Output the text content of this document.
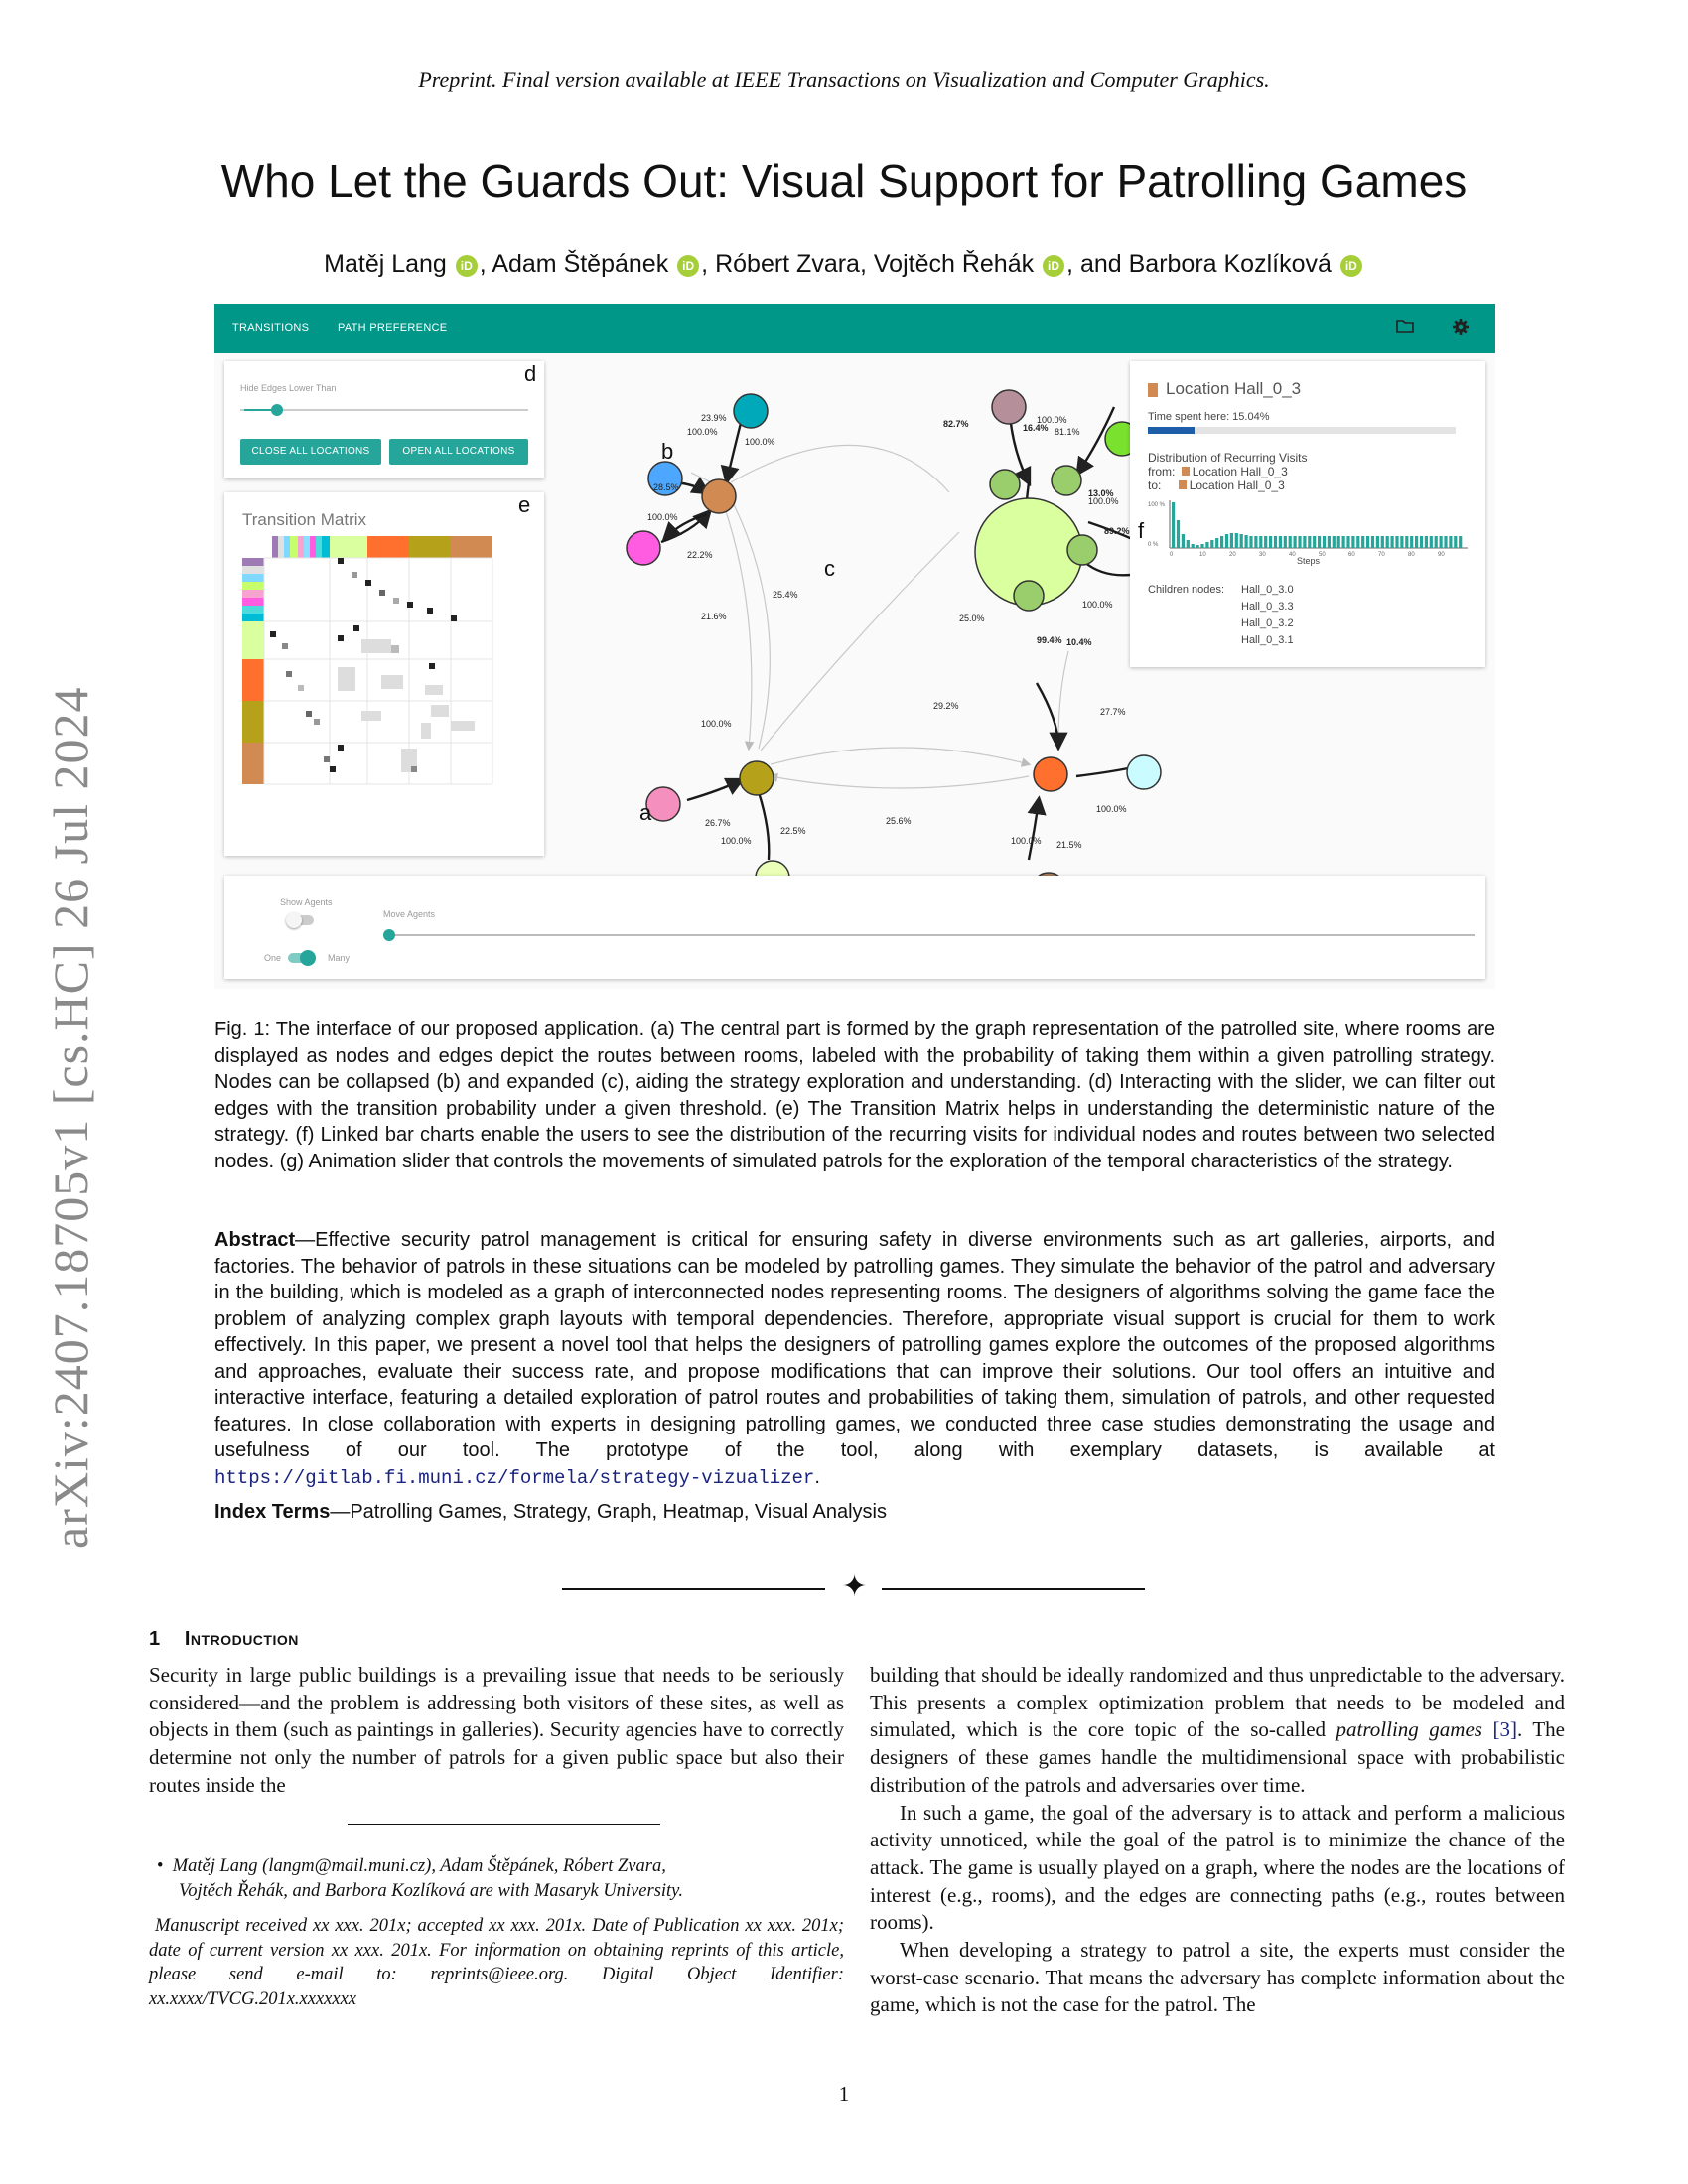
arXiv:2407.18705v1 [cs.HC] 26 Jul 2024
Preprint. Final version available at IEEE Transactions on Visualization and Computer Graphics.
Who Let the Guards Out: Visual Support for Patrolling Games
Matěj Lang iD , Adam Štěpánek iD , Róbert Zvara, Vojtěch Řehák iD , and Barbora Kozlíková iD
TRANSITIONS	PATH PREFERENCE
Hide Edges Lower Than
CLOSE ALL LOCATIONS	OPEN ALL LOCATIONS
d
Transition Matrix
e
23.9%
100.0%
100.0%
28.5%
100.0%
22.2%
21.6%
25.4%
82.7%	100.0%
16.4% 81.1%
13.0%
100.0%
89.2%
25.0%
100.0%
99.4% 10.4%
29.2%
100.0%
27.7%
26.7%
100.0%
22.5%
25.6%
100.0%
100.0% 21.5%
b
c
a
Location Hall_0_3
Time spent here: 15.04%
Distribution of Recurring Visits
from: Location Hall_0_3
to: Location Hall_0_3
100 %
0 %
0	10	20	30	40	50	60	70	80	90
Steps
Children nodes: Hall_0_3.0
Hall_0_3.3
Hall_0_3.2
Hall_0_3.1
f
Show Agents
One	Many
Move Agents

Fig. 1: The interface of our proposed application. (a) The central part is formed by the graph representation of the patrolled site, where rooms are displayed as nodes and edges depict the routes between rooms, labeled with the probability of taking them within a given patrolling strategy. Nodes can be collapsed (b) and expanded (c), aiding the strategy exploration and understanding. (d) Interacting with the slider, we can filter out edges with the transition probability under a given threshold. (e) The Transition Matrix helps in understanding the deterministic nature of the strategy. (f) Linked bar charts enable the users to see the distribution of the recurring visits for individual nodes and routes between two selected nodes. (g) Animation slider that controls the movements of simulated patrols for the exploration of the temporal characteristics of the strategy.

Abstract—Effective security patrol management is critical for ensuring safety in diverse environments such as art galleries, airports, and factories. The behavior of patrols in these situations can be modeled by patrolling games. They simulate the behavior of the patrol and adversary in the building, which is modeled as a graph of interconnected nodes representing rooms. The designers of algorithms solving the game face the problem of analyzing complex graph layouts with temporal dependencies. Therefore, appropriate visual support is crucial for them to work effectively. In this paper, we present a novel tool that helps the designers of patrolling games explore the outcomes of the proposed algorithms and approaches, evaluate their success rate, and propose modifications that can improve their solutions. Our tool offers an intuitive and interactive interface, featuring a detailed exploration of patrol routes and probabilities of taking them, simulation of patrols, and other requested features. In close collaboration with experts in designing patrolling games, we conducted three case studies demonstrating the usage and usefulness of our tool. The prototype of the tool, along with exemplary datasets, is available at https://gitlab.fi.muni.cz/formela/strategy-vizualizer.

Index Terms—Patrolling Games, Strategy, Graph, Heatmap, Visual Analysis

✦
1 Introduction

Security in large public buildings is a prevailing issue that needs to be seriously considered—and the problem is addressing both visitors of these sites, as well as objects in them (such as paintings in galleries). Security agencies have to correctly determine not only the number of patrols for a given public space but also their routes inside the

• Matěj Lang (langm@mail.muni.cz), Adam Štěpánek, Róbert Zvara,
Vojtěch Řehák, and Barbora Kozlíková are with Masaryk University.
Manuscript received xx xxx. 201x; accepted xx xxx. 201x. Date of Publication xx xxx. 201x; date of current version xx xxx. 201x. For information on obtaining reprints of this article, please send e-mail to: reprints@ieee.org. Digital Object Identifier: xx.xxxx/TVCG.201x.xxxxxxx

building that should be ideally randomized and thus unpredictable to the adversary. This presents a complex optimization problem that needs to be modeled and simulated, which is the core topic of the so-called patrolling games [3]. The designers of these games handle the multidimensional space with probabilistic distribution of the patrols and adversaries over time.

In such a game, the goal of the adversary is to attack and perform a malicious activity unnoticed, while the goal of the patrol is to minimize the chance of the attack. The game is usually played on a graph, where the nodes are the locations of interest (e.g., rooms), and the edges are connecting paths (e.g., routes between rooms).

When developing a strategy to patrol a site, the experts must consider the worst-case scenario. That means the adversary has complete information about the game, which is not the case for the patrol. The

1
